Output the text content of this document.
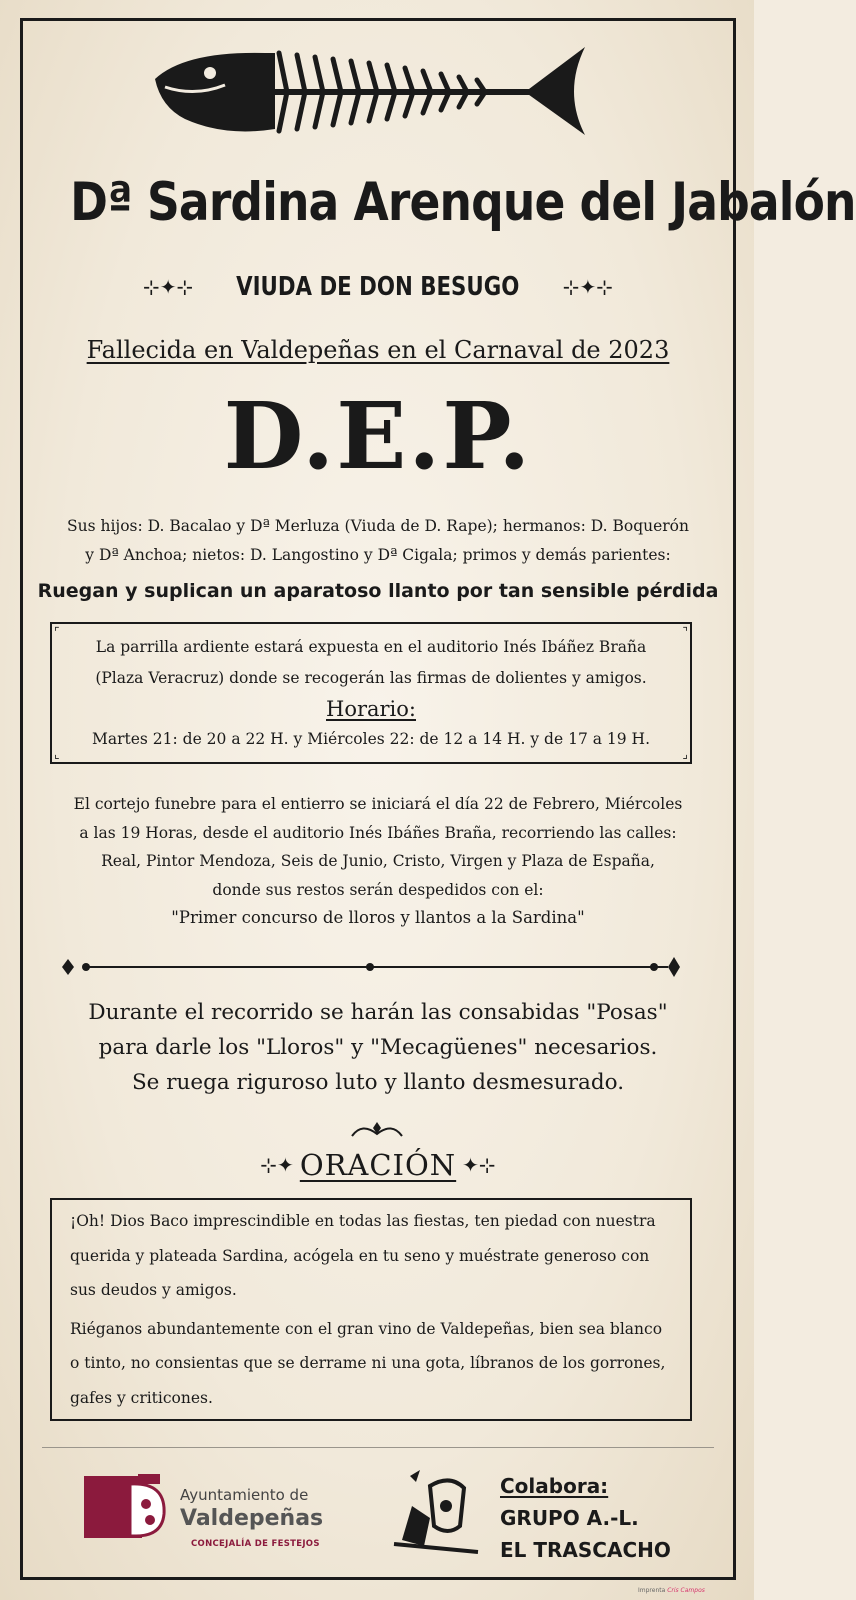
Dª Sardina Arenque del Jabalón
⊹✦⊹ VIUDA DE DON BESUGO ⊹✦⊹
Fallecida en Valdepeñas en el Carnaval de 2023
D.E.P.
Sus hijos: D. Bacalao y Dª Merluza (Viuda de D. Rape); hermanos: D. Boquerón
y Dª Anchoa; nietos: D. Langostino y Dª Cigala; primos y demás parientes:
Ruegan y suplican un aparatoso llanto por tan sensible pérdida
⌜	⌝
⌞	⌟
La parrilla ardiente estará expuesta en el auditorio Inés Ibáñez Braña
(Plaza Veracruz) donde se recogerán las firmas de dolientes y amigos.
Horario:
Martes 21: de 20 a 22 H. y Miércoles 22: de 12 a 14 H. y de 17 a 19 H.
El cortejo funebre para el entierro se iniciará el día 22 de Febrero, Miércoles
a las 19 Horas, desde el auditorio Inés Ibáñes Braña, recorriendo las calles:
Real, Pintor Mendoza, Seis de Junio, Cristo, Virgen y Plaza de España,
donde sus restos serán despedidos con el:
"Primer concurso de lloros y llantos a la Sardina"
Durante el recorrido se harán las consabidas "Posas"
para darle los "Lloros" y "Mecagüenes" necesarios.
Se ruega riguroso luto y llanto desmesurado.
⊹✦ ORACIÓN ✦⊹

¡Oh! Dios Baco imprescindible en todas las fiestas, ten piedad con nuestra querida y plateada Sardina, acógela en tu seno y muéstrate generoso con sus deudos y amigos.

Riéganos abundantemente con el gran vino de Valdepeñas, bien sea blanco o tinto, no consientas que se derrame ni una gota, líbranos de los gorrones, gafes y criticones.

Ayuntamiento de
Valdepeñas
CONCEJALÍA DE FESTEJOS
Colabora:
GRUPO A.-L.
EL TRASCACHO
Imprenta Cris Campos
